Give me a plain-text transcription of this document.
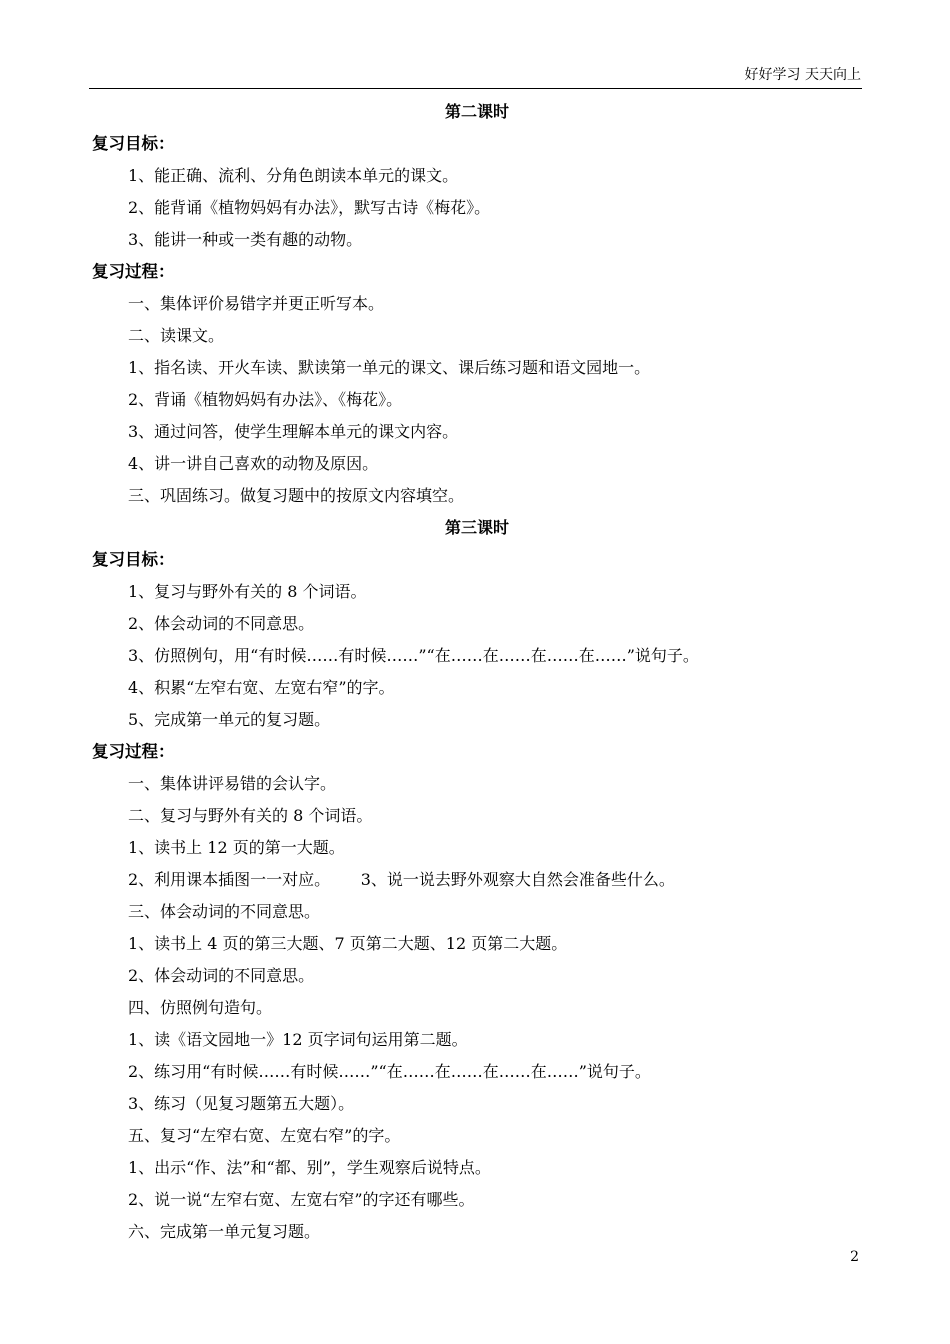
好好学习 天天向上
第二课时
复习目标：
1、能正确、流利、分角色朗读本单元的课文。
2、能背诵《植物妈妈有办法》，默写古诗《梅花》。
3、能讲一种或一类有趣的动物。
复习过程：
一、集体评价易错字并更正听写本。
二、读课文。
1、指名读、开火车读、默读第一单元的课文、课后练习题和语文园地一。
2、背诵《植物妈妈有办法》、《梅花》。
3、通过问答，使学生理解本单元的课文内容。
4、讲一讲自己喜欢的动物及原因。
三、巩固练习。做复习题中的按原文内容填空。
第三课时
复习目标：
1、复习与野外有关的 8 个词语。
2、体会动词的不同意思。
3、仿照例句，用“有时候……有时候……”“在……在……在……在……”说句子。
4、积累“左窄右宽、左宽右窄”的字。
5、完成第一单元的复习题。
复习过程：
一、集体讲评易错的会认字。
二、复习与野外有关的 8 个词语。
1、读书上 12 页的第一大题。
2、利用课本插图一一对应。      3、说一说去野外观察大自然会准备些什么。
三、体会动词的不同意思。
1、读书上 4 页的第三大题、7 页第二大题、12 页第二大题。
2、体会动词的不同意思。
四、仿照例句造句。
1、读《语文园地一》12 页字词句运用第二题。
2、练习用“有时候……有时候……”“在……在……在……在……”说句子。
3、练习（见复习题第五大题）。
五、复习“左窄右宽、左宽右窄”的字。
1、出示“作、法”和“都、别”，学生观察后说特点。
2、说一说“左窄右宽、左宽右窄”的字还有哪些。
六、完成第一单元复习题。
2
